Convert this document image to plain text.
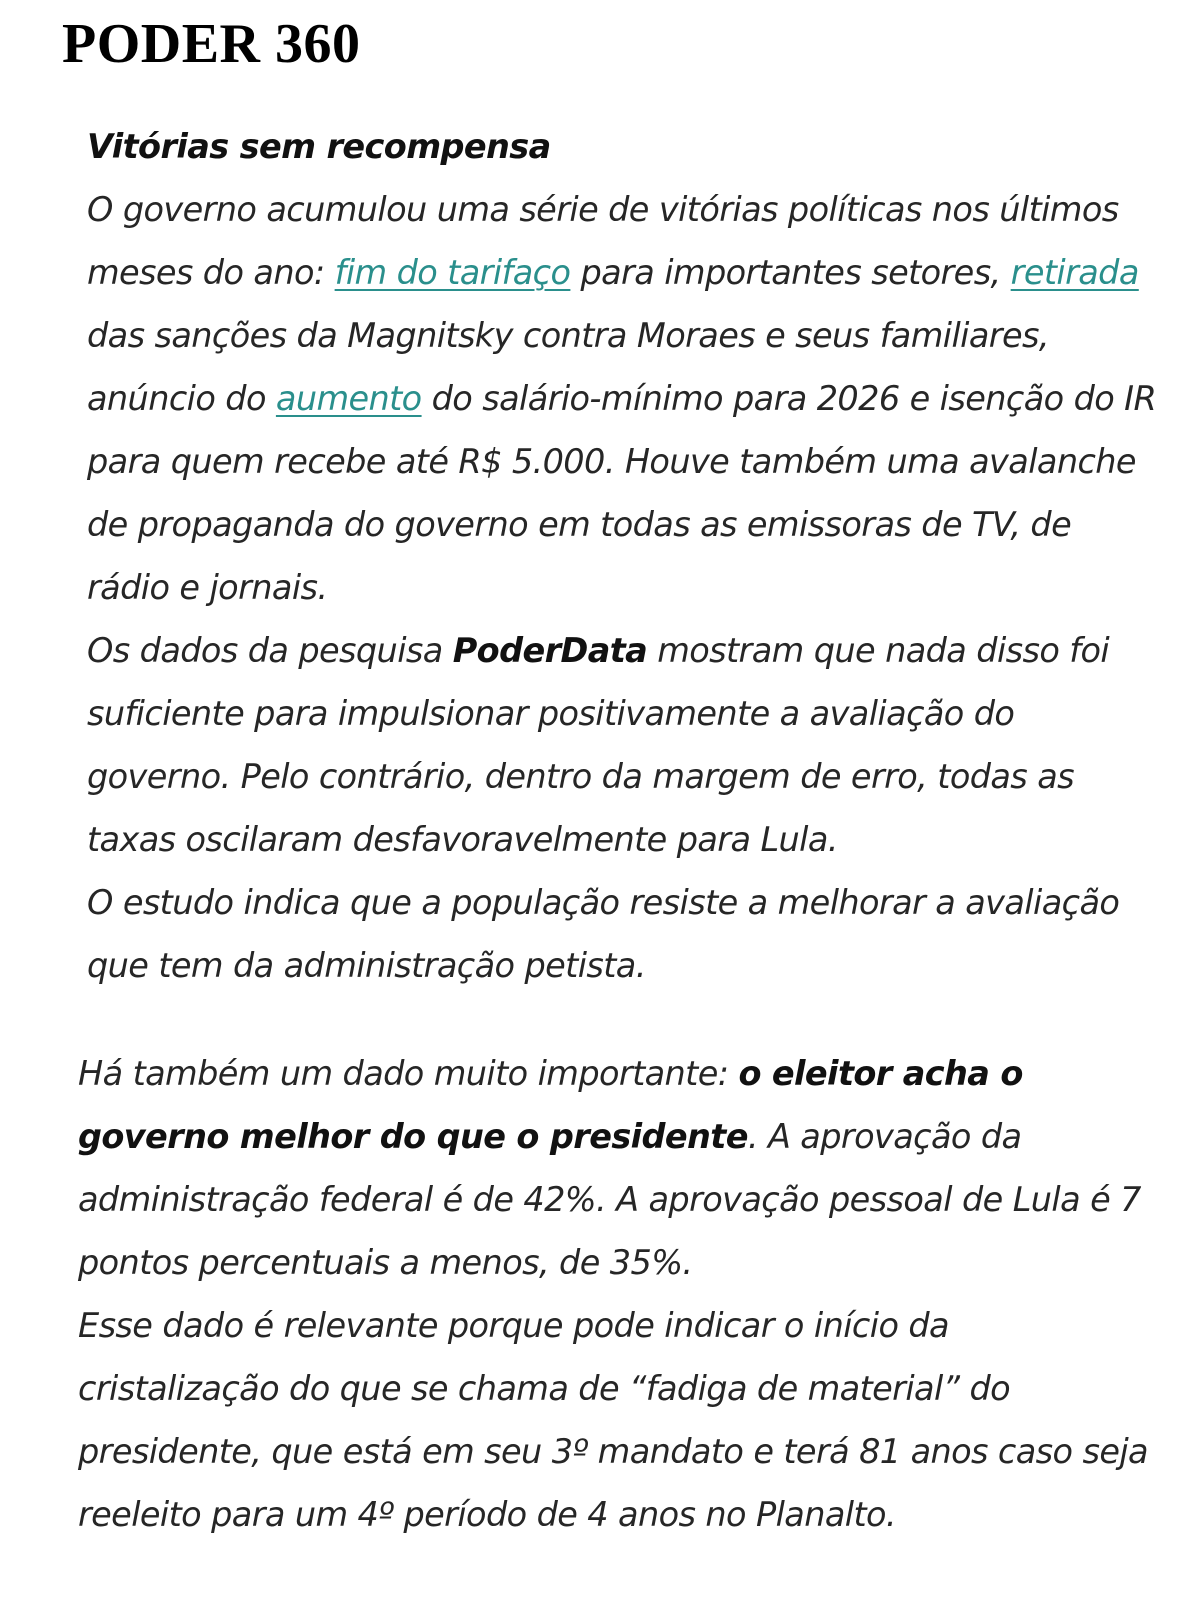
PODER 360

Vitórias sem recompensa

O governo acumulou uma série de vitórias políticas nos últimos meses do ano: fim do tarifaço para importantes setores, retirada das sanções da Magnitsky contra Moraes e seus familiares, anúncio do aumento do salário-mínimo para 2026 e isenção do IR para quem recebe até R$ 5.000. Houve também uma avalanche de propaganda do governo em todas as emissoras de TV, de rádio e jornais.

Os dados da pesquisa PoderData mostram que nada disso foi suficiente para impulsionar positivamente a avaliação do governo. Pelo contrário, dentro da margem de erro, todas as taxas oscilaram desfavoravelmente para Lula.

O estudo indica que a população resiste a melhorar a avaliação que tem da administração petista.

Há também um dado muito importante: o eleitor acha o governo melhor do que o presidente. A aprovação da administração federal é de 42%. A aprovação pessoal de Lula é 7 pontos percentuais a menos, de 35%.

Esse dado é relevante porque pode indicar o início da cristalização do que se chama de “fadiga de material” do presidente, que está em seu 3º mandato e terá 81 anos caso seja reeleito para um 4º período de 4 anos no Planalto.
